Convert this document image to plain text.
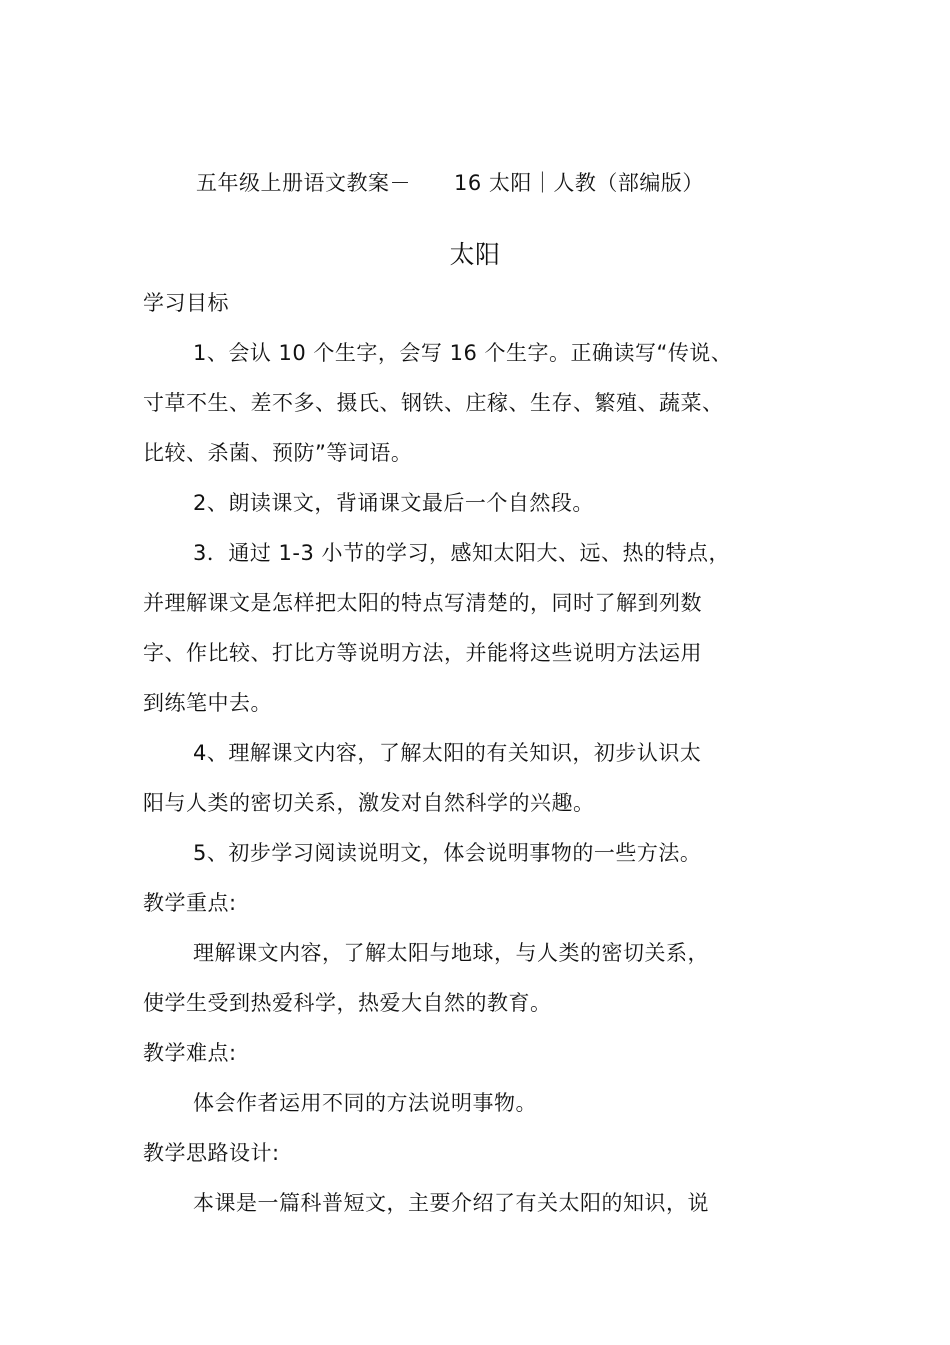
五年级上册语文教案－　　16 太阳｜人教（部编版）
太阳
学习目标
1、会认 10 个生字，会写 16 个生字。正确读写“传说、
寸草不生、差不多、摄氏、钢铁、庄稼、生存、繁殖、蔬菜、
比较、杀菌、预防”等词语。
2、朗读课文，背诵课文最后一个自然段。
3．通过 1-3 小节的学习，感知太阳大、远、热的特点，
并理解课文是怎样把太阳的特点写清楚的，同时了解到列数
字、作比较、打比方等说明方法，并能将这些说明方法运用
到练笔中去。
4、理解课文内容，了解太阳的有关知识，初步认识太
阳与人类的密切关系，激发对自然科学的兴趣。
5、初步学习阅读说明文，体会说明事物的一些方法。
教学重点:
理解课文内容，了解太阳与地球，与人类的密切关系，
使学生受到热爱科学，热爱大自然的教育。
教学难点:
体会作者运用不同的方法说明事物。
教学思路设计:
本课是一篇科普短文，主要介绍了有关太阳的知识，说
